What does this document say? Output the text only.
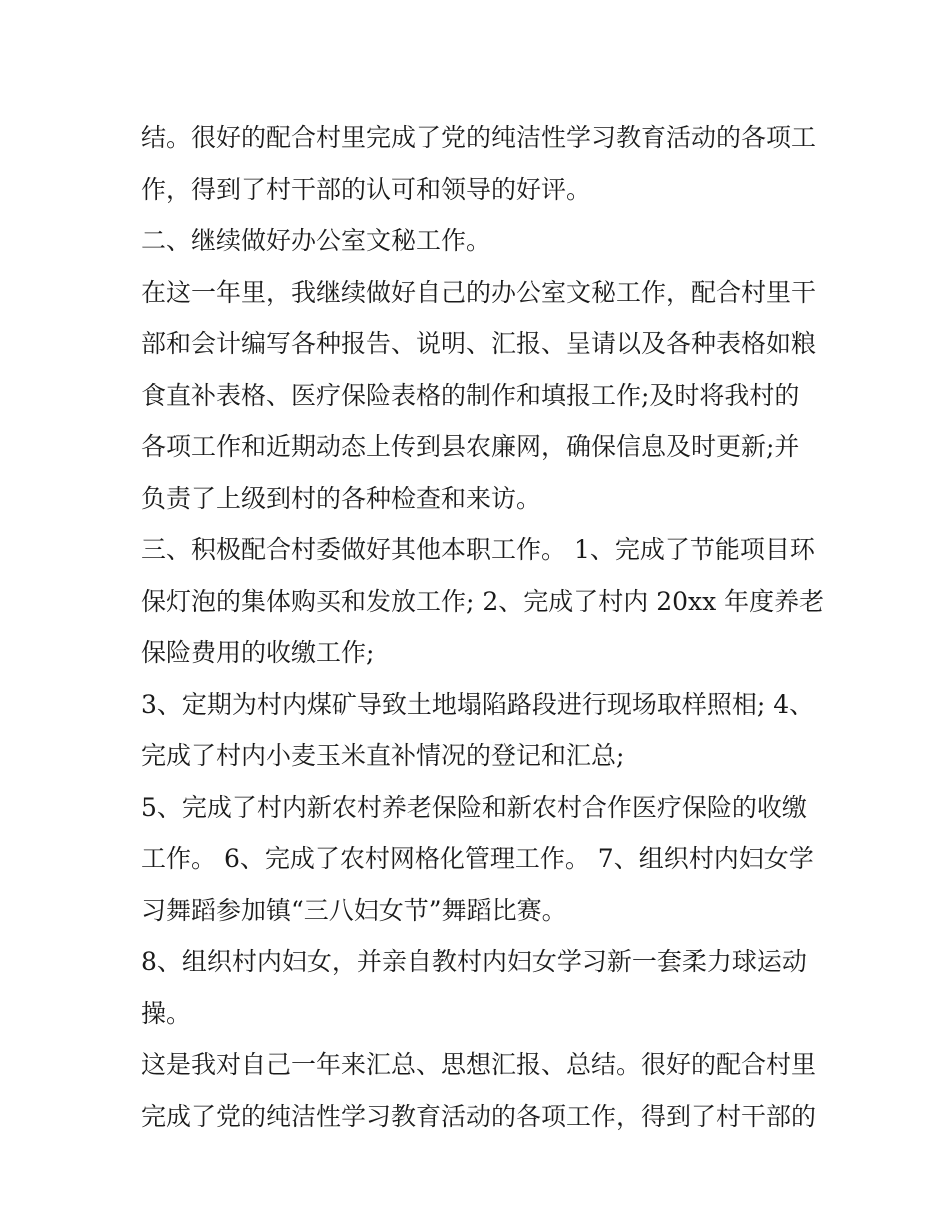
结。很好的配合村里完成了党的纯洁性学习教育活动的各项工
作，得到了村干部的认可和领导的好评。
二、继续做好办公室文秘工作。
在这一年里，我继续做好自己的办公室文秘工作，配合村里干
部和会计编写各种报告、说明、汇报、呈请以及各种表格如粮
食直补表格、医疗保险表格的制作和填报工作;及时将我村的
各项工作和近期动态上传到县农廉网，确保信息及时更新;并
负责了上级到村的各种检查和来访。
三、积极配合村委做好其他本职工作。 1、完成了节能项目环
保灯泡的集体购买和发放工作; 2、完成了村内 20xx 年度养老
保险费用的收缴工作;
3、定期为村内煤矿导致土地塌陷路段进行现场取样照相; 4、
完成了村内小麦玉米直补情况的登记和汇总;
5、完成了村内新农村养老保险和新农村合作医疗保险的收缴
工作。 6、完成了农村网格化管理工作。 7、组织村内妇女学
习舞蹈参加镇“三八妇女节”舞蹈比赛。
8、组织村内妇女，并亲自教村内妇女学习新一套柔力球运动
操。
这是我对自己一年来汇总、思想汇报、总结。很好的配合村里
完成了党的纯洁性学习教育活动的各项工作，得到了村干部的
